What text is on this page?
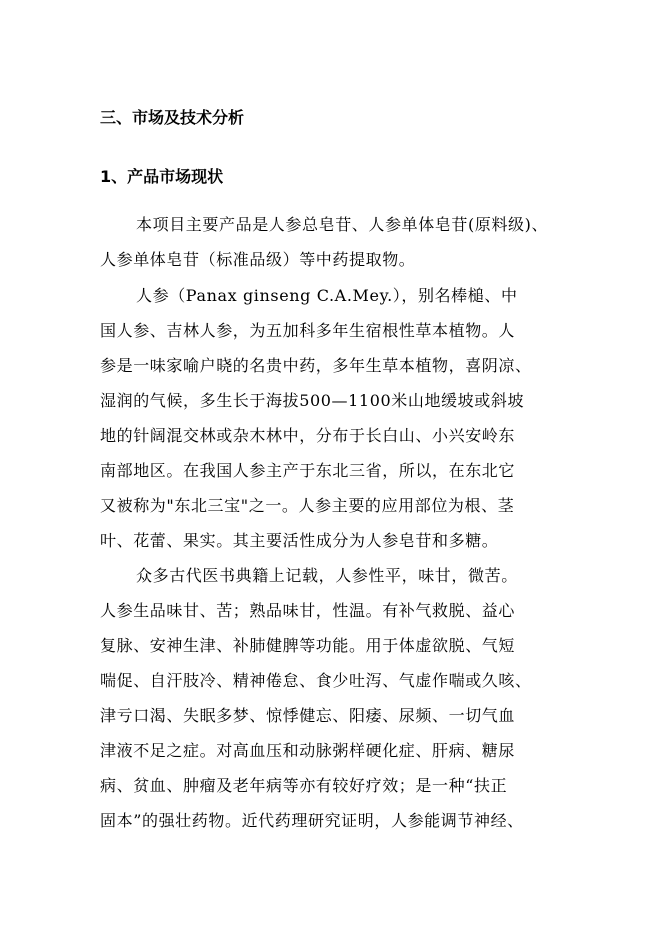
三、市场及技术分析
1、产品市场现状
本项目主要产品是人参总皂苷、人参单体皂苷(原料级)、
人参单体皂苷（标准品级）等中药提取物。
人参（Panax ginseng C.A.Mey.），别名棒槌、中
国人参、吉林人参，为五加科多年生宿根性草本植物。人
参是一味家喻户晓的名贵中药，多年生草本植物，喜阴凉、
湿润的气候，多生长于海拔500—1100米山地缓坡或斜坡
地的针阔混交林或杂木林中，分布于长白山、小兴安岭东
南部地区。在我国人参主产于东北三省，所以，在东北它
又被称为"东北三宝"之一。人参主要的应用部位为根、茎
叶、花蕾、果实。其主要活性成分为人参皂苷和多糖。
众多古代医书典籍上记载，人参性平，味甘，微苦。
人参生品味甘、苦；熟品味甘，性温。有补气救脱、益心
复脉、安神生津、补肺健脾等功能。用于体虚欲脱、气短
喘促、自汗肢冷、精神倦怠、食少吐泻、气虚作喘或久咳、
津亏口渴、失眠多梦、惊悸健忘、阳痿、尿频、一切气血
津液不足之症。对高血压和动脉粥样硬化症、肝病、糖尿
病、贫血、肿瘤及老年病等亦有较好疗效；是一种“扶正
固本”的强壮药物。近代药理研究证明，人参能调节神经、
